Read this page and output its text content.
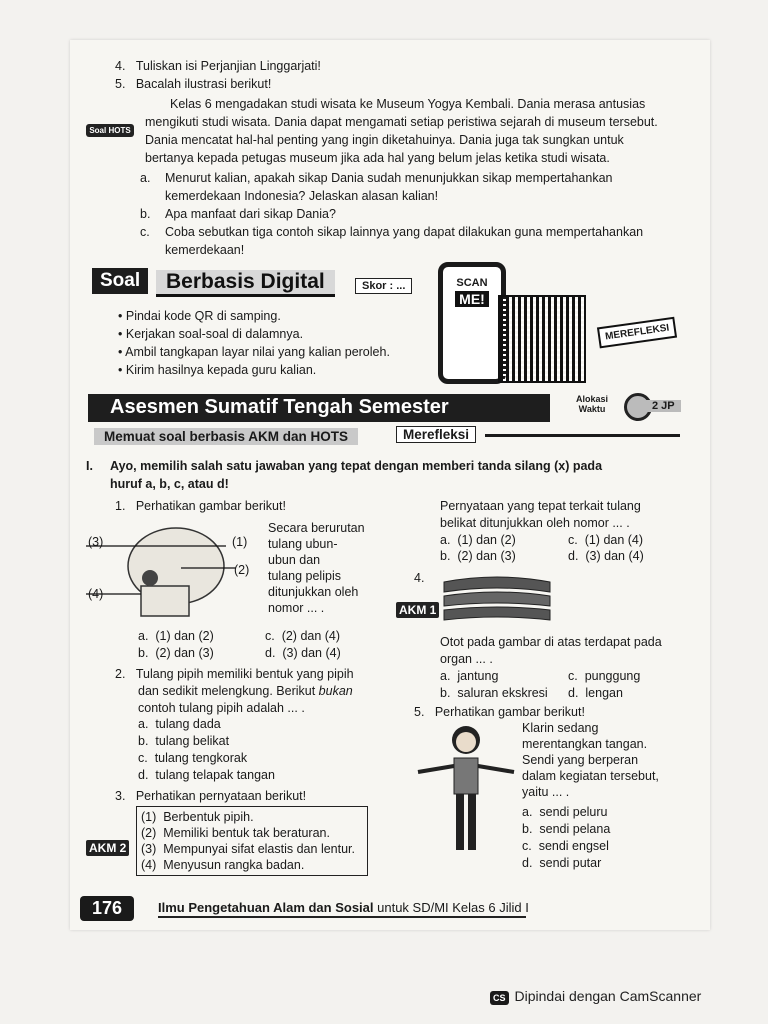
4.   Tuliskan isi Perjanjian Linggarjati!
5.   Bacalah ilustrasi berikut!
Soal HOTS
Kelas 6 mengadakan studi wisata ke Museum Yogya Kembali. Dania merasa antusias
mengikuti studi wisata. Dania dapat mengamati setiap peristiwa sejarah di museum tersebut.
Dania mencatat hal-hal penting yang ingin diketahuinya. Dania juga tak sungkan untuk
bertanya kepada petugas museum jika ada hal yang belum jelas ketika studi wisata.
a. Menurut kalian, apakah sikap Dania sudah menunjukkan sikap mempertahankan
kemerdekaan Indonesia? Jelaskan alasan kalian!
b. Apa manfaat dari sikap Dania?
c. Coba sebutkan tiga contoh sikap lainnya yang dapat dilakukan guna mempertahankan
kemerdekaan!
Soal	Berbasis Digital	Skor : ...
• Pindai kode QR di samping.
• Kerjakan soal-soal di dalamnya.
• Ambil tangkapan layar nilai yang kalian peroleh.
• Kirim hasilnya kepada guru kalian.
SCAN
ME!
MEREFLEKSI
Asesmen Sumatif Tengah Semester	Alokasi
Waktu	2 JP
Memuat soal berbasis AKM dan HOTS	Merefleksi
I. Ayo, memilih salah satu jawaban yang tepat dengan memberi tanda silang (x) pada
huruf a, b, c, atau d!
1.   Perhatikan gambar berikut!
(3)	(1)
(2)
(4)
Secara berurutan
tulang ubun-
ubun dan
tulang pelipis
ditunjukkan oleh
nomor ... .
a. (1) dan (2)	c. (2) dan (4)
b. (2) dan (3)	d. (3) dan (4)
2.   Tulang pipih memiliki bentuk yang pipih
dan sedikit melengkung. Berikut bukan
contoh tulang pipih adalah ... .
a. tulang dada
b. tulang belikat
c. tulang tengkorak
d. tulang telapak tangan
3.   Perhatikan pernyataan berikut!
AKM 2
(1)  Berbentuk pipih.
(2)  Memiliki bentuk tak beraturan.
(3)  Mempunyai sifat elastis dan lentur.
(4)  Menyusun rangka badan.
Pernyataan yang tepat terkait tulang
belikat ditunjukkan oleh nomor ... .
a. (1) dan (2)	c. (1) dan (4)
b. (2) dan (3)	d. (3) dan (4)
4.
AKM 1
Otot pada gambar di atas terdapat pada
organ ... .
a. jantung	c. punggung
b. saluran ekskresi d. lengan
5.   Perhatikan gambar berikut!
Klarin sedang
merentangkan tangan.
Sendi yang berperan
dalam kegiatan tersebut,
yaitu ... .
a. sendi peluru
b. sendi pelana
c. sendi engsel
d. sendi putar
176	Ilmu Pengetahuan Alam dan Sosial untuk SD/MI Kelas 6 Jilid I
CS Dipindai dengan CamScanner
